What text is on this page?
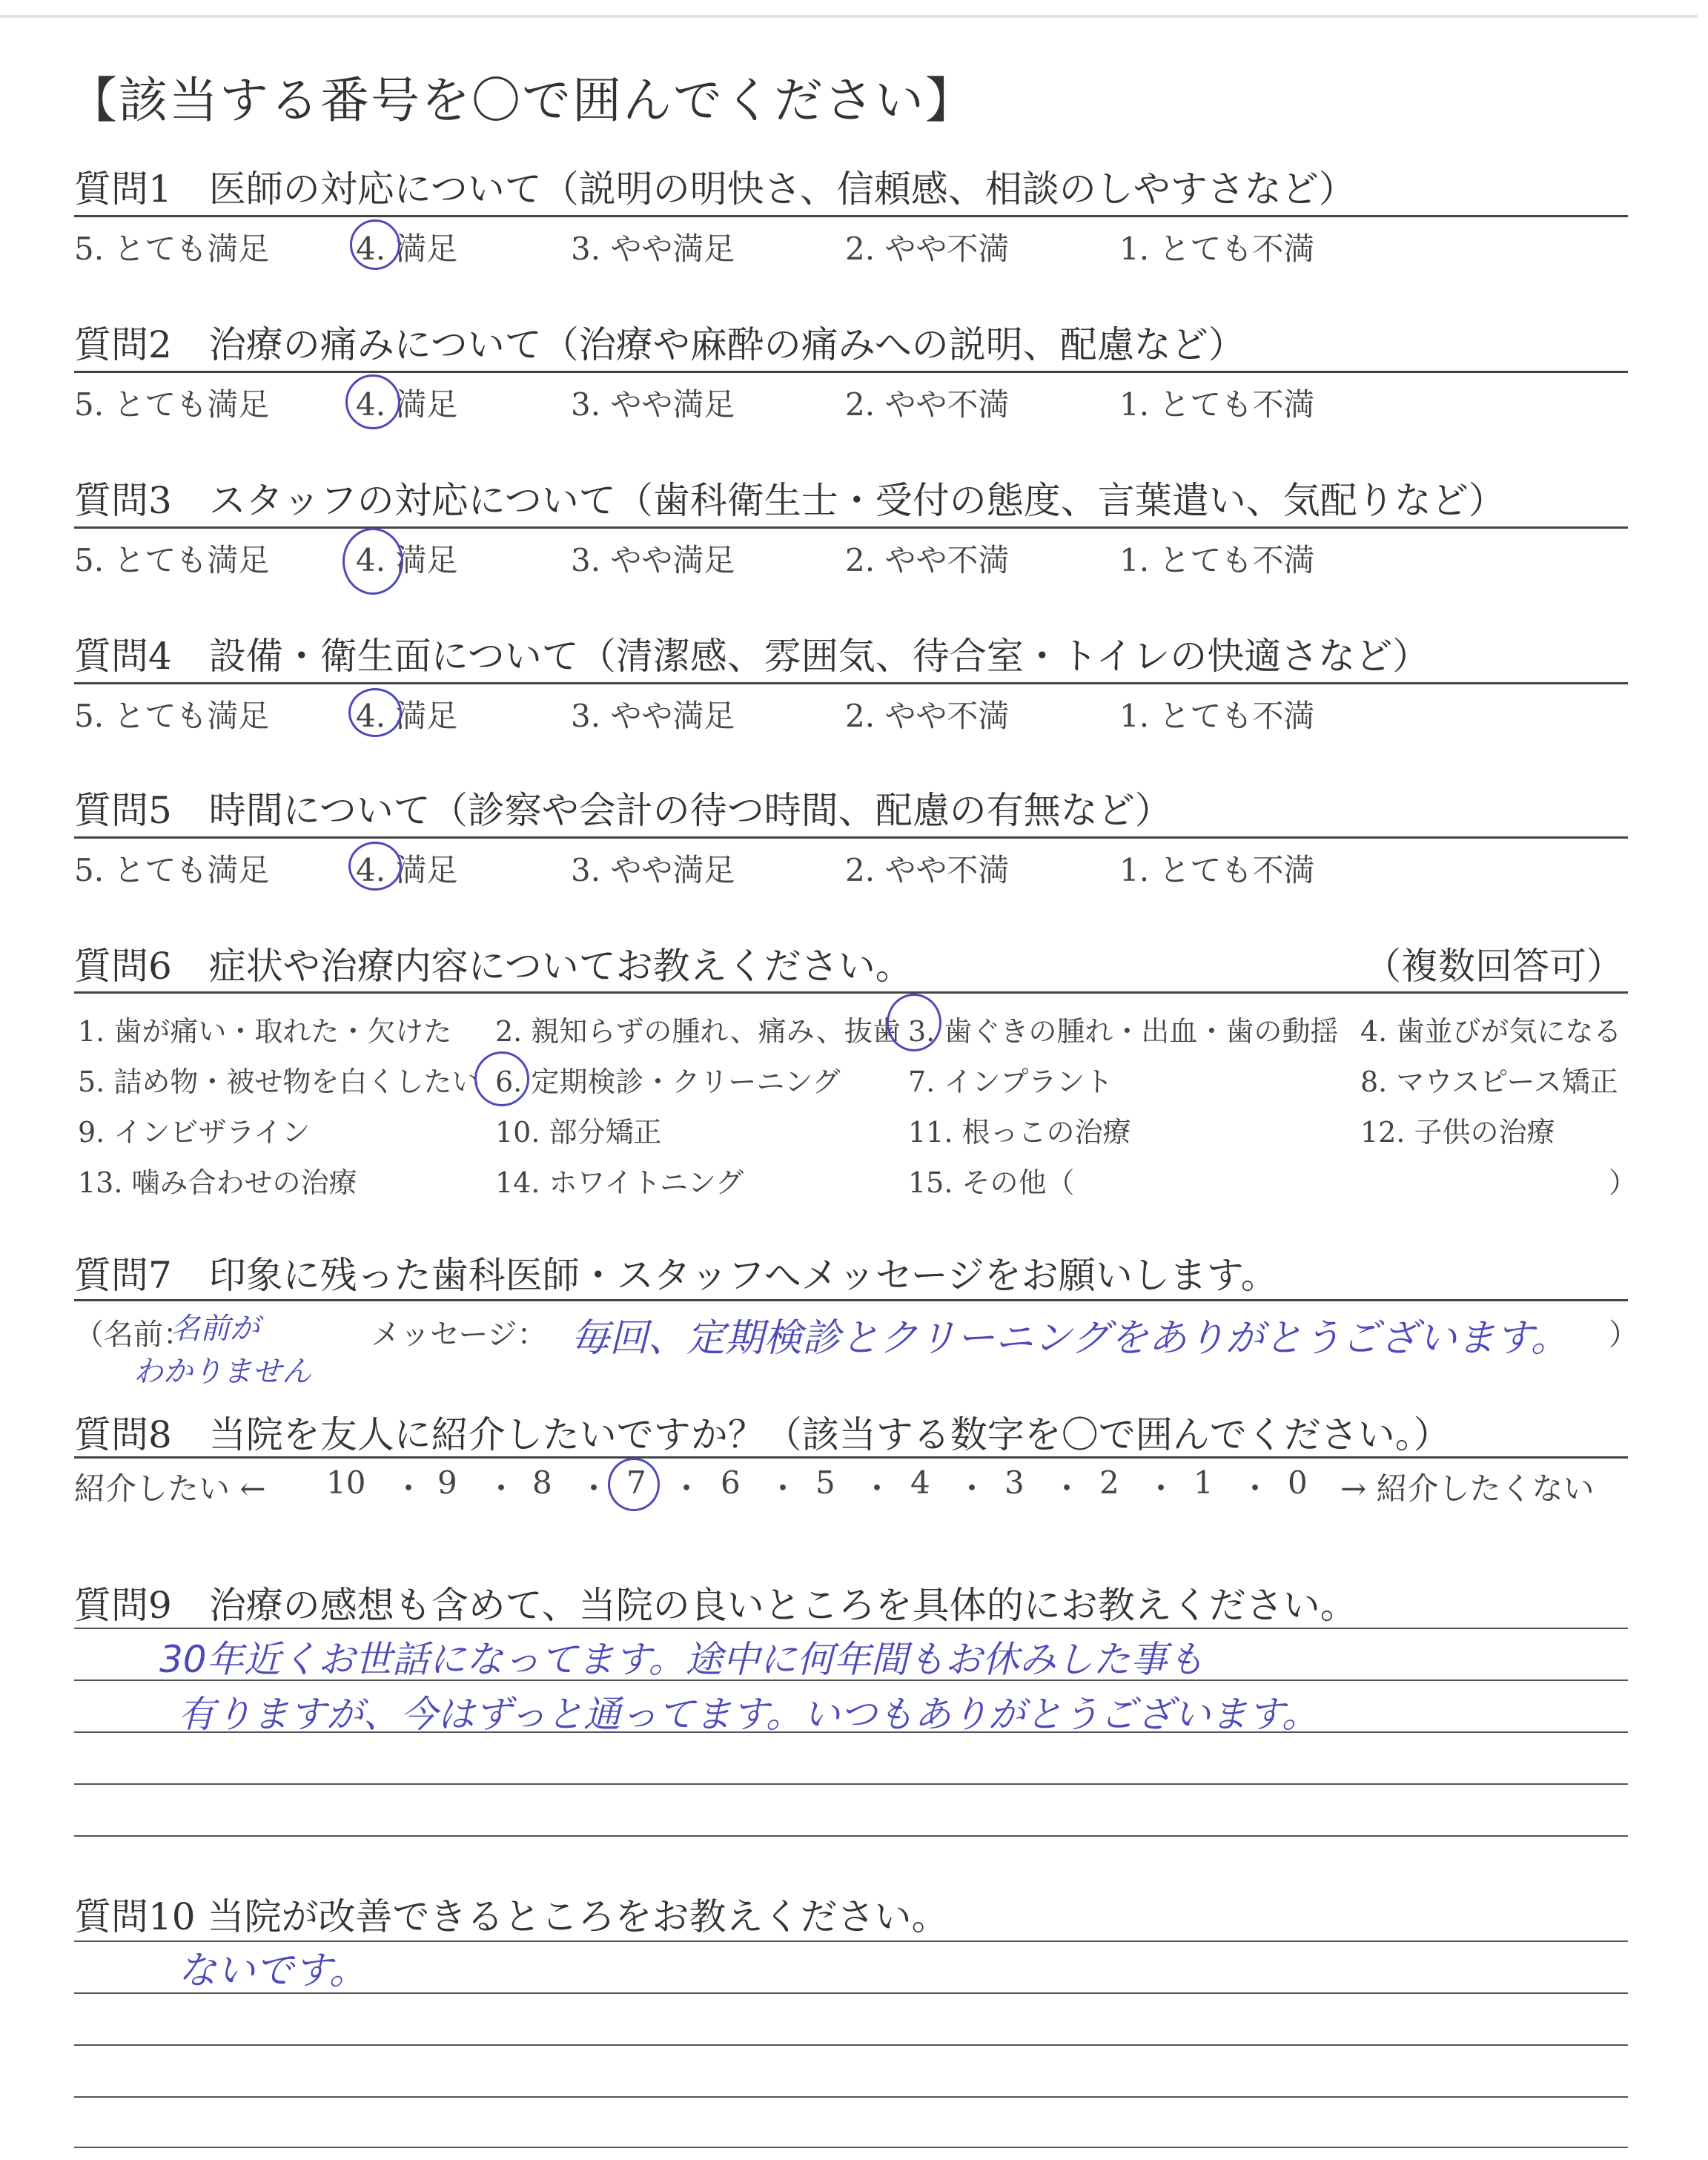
【該当する番号を〇で囲んでください】
質問1　医師の対応について（説明の明快さ、信頼感、相談のしやすさなど）
5. とても満足	4. 満足	3. やや満足	2. やや不満	1. とても不満
質問2　治療の痛みについて（治療や麻酔の痛みへの説明、配慮など）
5. とても満足	4. 満足	3. やや満足	2. やや不満	1. とても不満
質問3　スタッフの対応について（歯科衛生士・受付の態度、言葉遣い、気配りなど）
5. とても満足	4. 満足	3. やや満足	2. やや不満	1. とても不満
質問4　設備・衛生面について（清潔感、雰囲気、待合室・トイレの快適さなど）
5. とても満足	4. 満足	3. やや満足	2. やや不満	1. とても不満
質問5　時間について（診察や会計の待つ時間、配慮の有無など）
5. とても満足	4. 満足	3. やや満足	2. やや不満	1. とても不満
質問6　症状や治療内容についてお教えください。	（複数回答可）
1. 歯が痛い・取れた・欠けた 2. 親知らずの腫れ、痛み、抜歯 3. 歯ぐきの腫れ・出血・歯の動揺 4. 歯並びが気になる
5. 詰め物・被せ物を白くしたい 6. 定期検診・クリーニング 7. インプラント	8. マウスピース矯正
9. インビザライン	10. 部分矯正	11. 根っこの治療	12. 子供の治療
13. 噛み合わせの治療	14. ホワイトニング	15. その他（	）
質問7　印象に残った歯科医師・スタッフへメッセージをお願いします。
（名前：
名前が
わかりません
メッセージ： 毎回、定期検診とクリーニングをありがとうございます。 ）
質問8　当院を友人に紹介したいですか？（該当する数字を〇で囲んでください。）
紹介したい ← 10 ・ 9 ・ 8 ・ 7 ・ 6 ・ 5 ・ 4 ・ 3 ・ 2 ・ 1 ・ 0 → 紹介したくない
質問9　治療の感想も含めて、当院の良いところを具体的にお教えください。
30年近くお世話になってます。途中に何年間もお休みした事も
有りますが、今はずっと通ってます。いつもありがとうございます。
質問10 当院が改善できるところをお教えください。
ないです。
